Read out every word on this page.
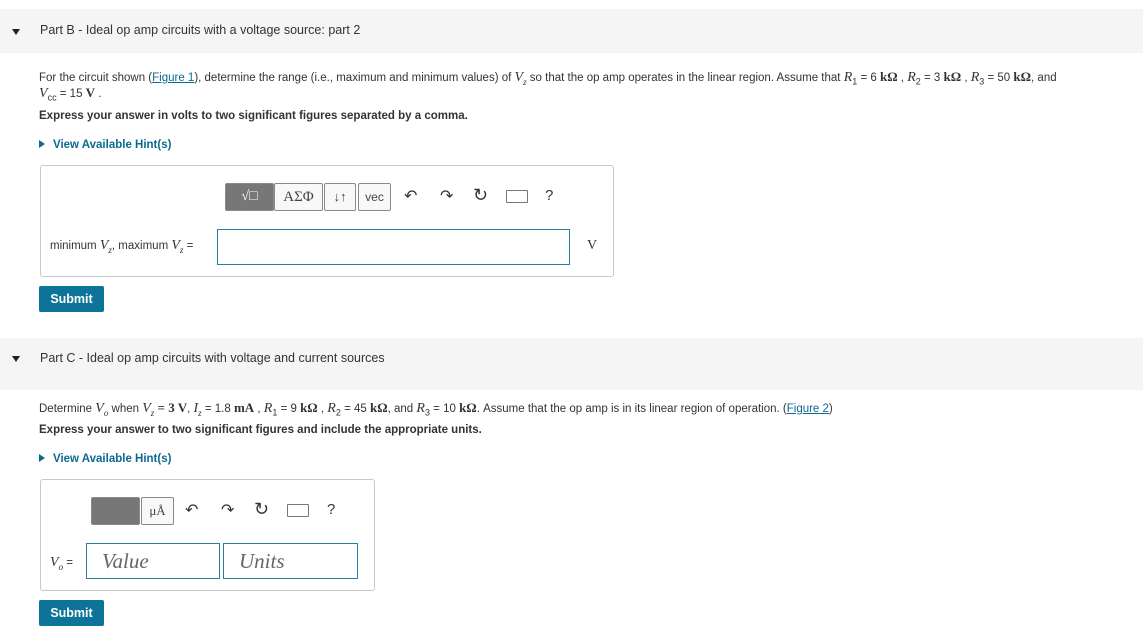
Part B - Ideal op amp circuits with a voltage source: part 2
For the circuit shown (Figure 1), determine the range (i.e., maximum and minimum values) of $V_z$ so that the op amp operates in the linear region. Assume that $R_1 = 6$ kΩ , $R_2 = 3$ kΩ , $R_3 = 50$ kΩ, and
$V_{cc} = 15$ V .
Express your answer in volts to two significant figures separated by a comma.
View Available Hint(s)
√□	ΑΣΦ	↓↑	vec	↶ ↷ ↻	?
minimum $V_z$, maximum $V_z$ =	V
Submit
Part C - Ideal op amp circuits with voltage and current sources
Determine $V_o$ when $V_z = 3$ V, $I_z = 1.8$ mA , $R_1 = 9$ kΩ , $R_2 = 45$ kΩ, and $R_3 = 10$ kΩ. Assume that the op amp is in its linear region of operation. (Figure 2)
Express your answer to two significant figures and include the appropriate units.
View Available Hint(s)
μÅ	↶ ↷ ↻	?
$V_o$ = Value	Units
Submit
